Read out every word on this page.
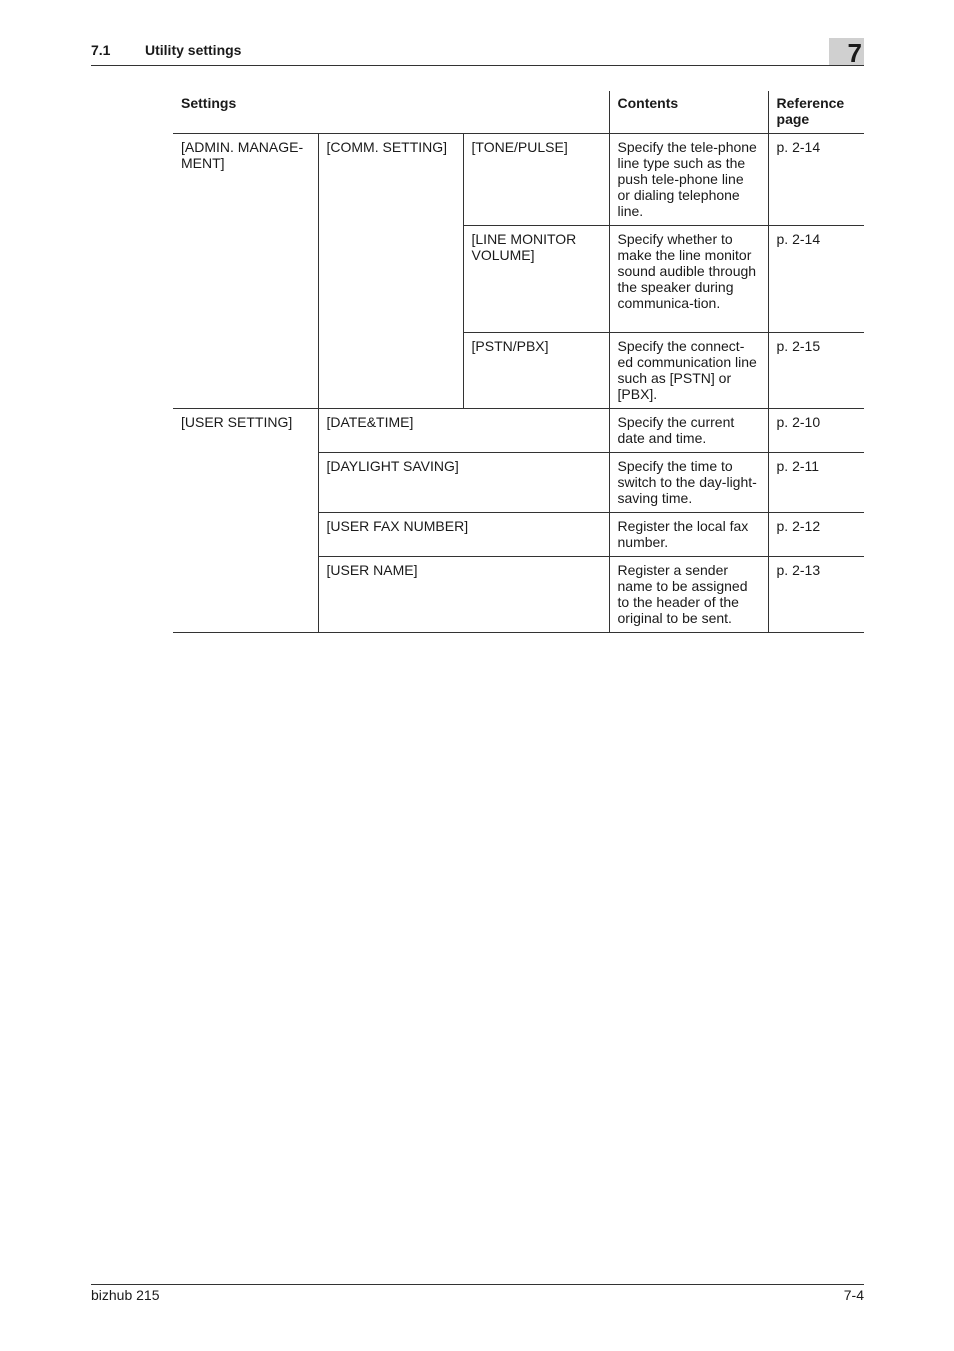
7.1 Utility settings	7
Settings			Contents	Reference page
[ADMIN. MANAGE-MENT]	[COMM. SETTING]	[TONE/PULSE]	Specify the tele-phone line type such as the push tele-phone line or dialing telephone line.	p. 2-14
		[LINE MONITOR VOLUME]	Specify whether to make the line monitor sound audible through the speaker during communica-tion.	p. 2-14
		[PSTN/PBX]	Specify the connect-ed communication line such as [PSTN] or [PBX].	p. 2-15
[USER SETTING]	[DATE&TIME]		Specify the current date and time.	p. 2-10
	[DAYLIGHT SAVING]		Specify the time to switch to the day-light-saving time.	p. 2-11
	[USER FAX NUMBER]		Register the local fax number.	p. 2-12
	[USER NAME]		Register a sender name to be assigned to the header of the original to be sent.	p. 2-13
bizhub 215	7-4
